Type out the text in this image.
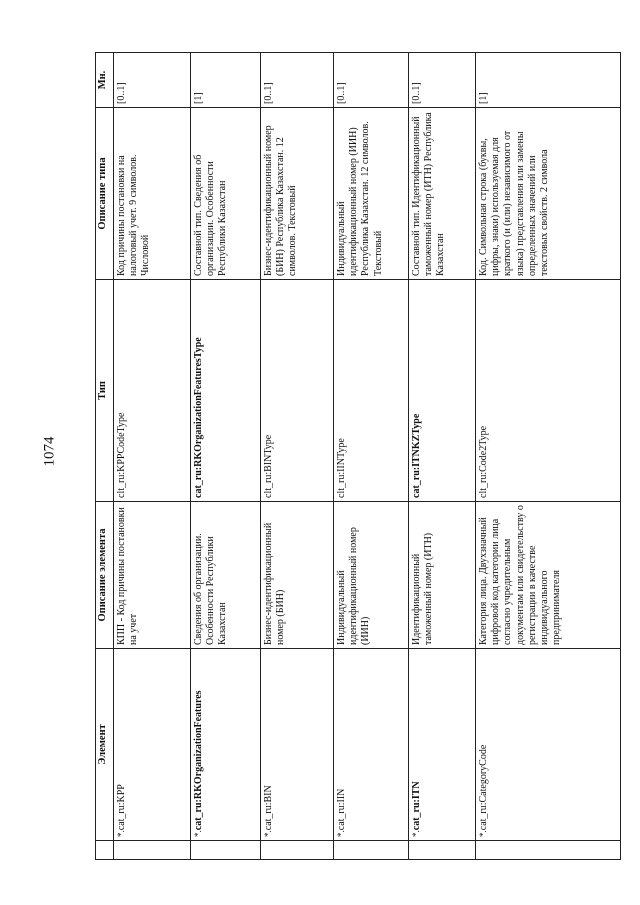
1074
	Элемент	Описание элемента	Тип	Описание типа	Мн.
	*.cat_ru:KPP	КПП - Код причины постановки на учет	clt_ru:KPPCodeType	Код причины постановки на налоговый учет. 9 символов. Числовой	[0..1]
	*.cat_ru:RKOrganizationFeatures	Сведения об организации. Особенности Республики Казахстан	cat_ru:RKOrganizationFeaturesType	Составной тип. Сведения об организации. Особенности Республики Казахстан	[1]
	*.cat_ru:BIN	Бизнес-идентификационный номер (БИН)	clt_ru:BINType	Бизнес-идентификационный номер (БИН) Республика Казахстан. 12 символов. Текстовый	[0..1]
	*.cat_ru:IIN	Индивидуальный идентификационный номер (ИИН)	clt_ru:IINType	Индивидуальный идентификационный номер (ИИН) Республика Казахстан. 12 символов. Текстовый	[0..1]
	*.cat_ru:ITN	Идентификационный таможенный номер (ИТН)	cat_ru:ITNKZType	Составной тип. Идентификационный таможенный номер (ИТН) Республика Казахстан	[0..1]
	*.cat_ru:CategoryCode	Категория лица. Двухзначный цифровой код категории лица согласно учредительным документам или свидетельству о регистрации в качестве индивидуального предпринимателя	clt_ru:Code2Type	Код. Символьная строка (буквы, цифры, знаки) используемая для краткого (и (или) независимого от языка) представления или замены определенных значений или текстовых свойств. 2 символа	[1]
